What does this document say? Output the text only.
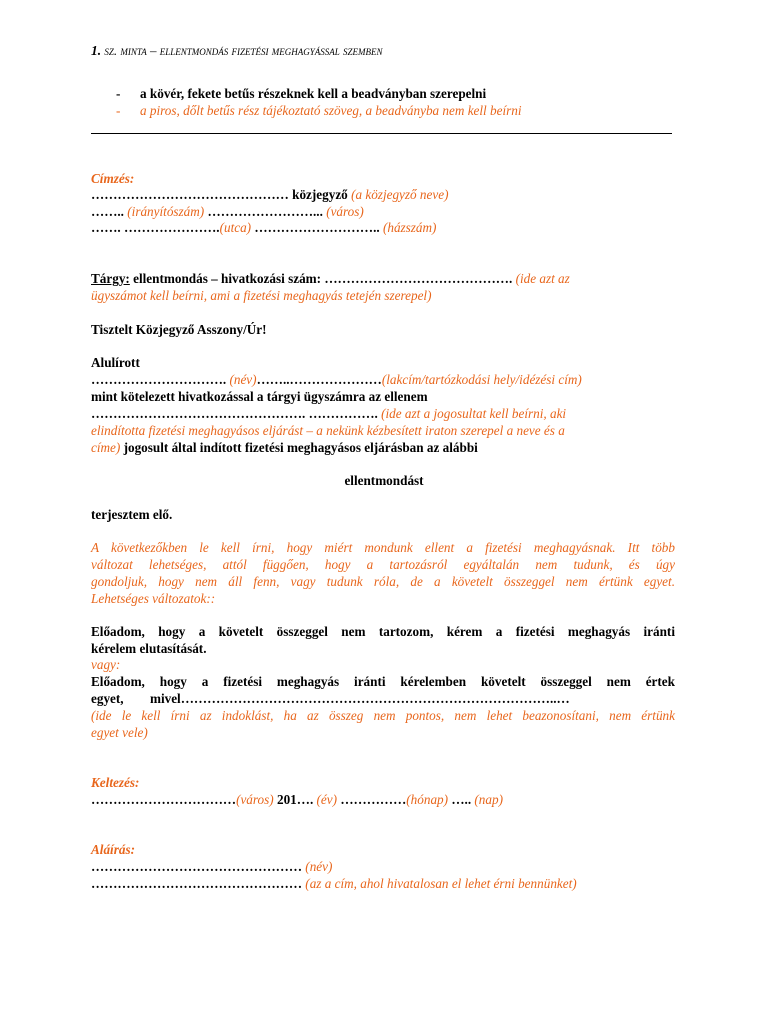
1. sz. minta – ellentmondás fizetési meghagyással szemben
- a kövér, fekete betűs részeknek kell a beadványban szerepelni
- a piros, dőlt betűs rész tájékoztató szöveg, a beadványba nem kell beírni
Címzés:
……………………………………… közjegyző (a közjegyző neve)
…….. (irányítószám) ……………………... (város)
……. ………………….(utca) ……………………….. (házszám)
Tárgy: ellentmondás – hivatkozási szám: ……………………………………. (ide azt az
ügyszámot kell beírni, ami a fizetési meghagyás tetején szerepel)
Tisztelt Közjegyző Asszony/Úr!
Alulírott
…………………………. (név)……..…………………(lakcím/tartózkodási hely/idézési cím)
mint kötelezett hivatkozással a tárgyi ügyszámra az ellenem
…………………………………………. ……………. (ide azt a jogosultat kell beírni, aki
elindította fizetési meghagyásos eljárást – a nekünk kézbesített iraton szerepel a neve és a
címe) jogosult által indított fizetési meghagyásos eljárásban az alábbi
ellentmondást
terjesztem elő.
A következőkben le kell írni, hogy miért mondunk ellent a fizetési meghagyásnak. Itt több
változat lehetséges, attól függően, hogy a tartozásról egyáltalán nem tudunk, és úgy
gondoljuk, hogy nem áll fenn, vagy tudunk róla, de a követelt összeggel nem értünk egyet.
Lehetséges változatok::
Előadom, hogy a követelt összeggel nem tartozom, kérem a fizetési meghagyás iránti
kérelem elutasítását.
vagy:
Előadom, hogy a fizetési meghagyás iránti kérelemben követelt összeggel nem értek
egyet,        mivel…………………………………………………………………………..…
(ide le kell írni az indoklást, ha az összeg nem pontos, nem lehet beazonosítani, nem értünk
egyet vele)
Keltezés:
……………………………(város) 201…. (év) ……………(hónap) ….. (nap)
Aláírás:
………………………………………… (név)
………………………………………… (az a cím, ahol hivatalosan el lehet érni bennünket)
